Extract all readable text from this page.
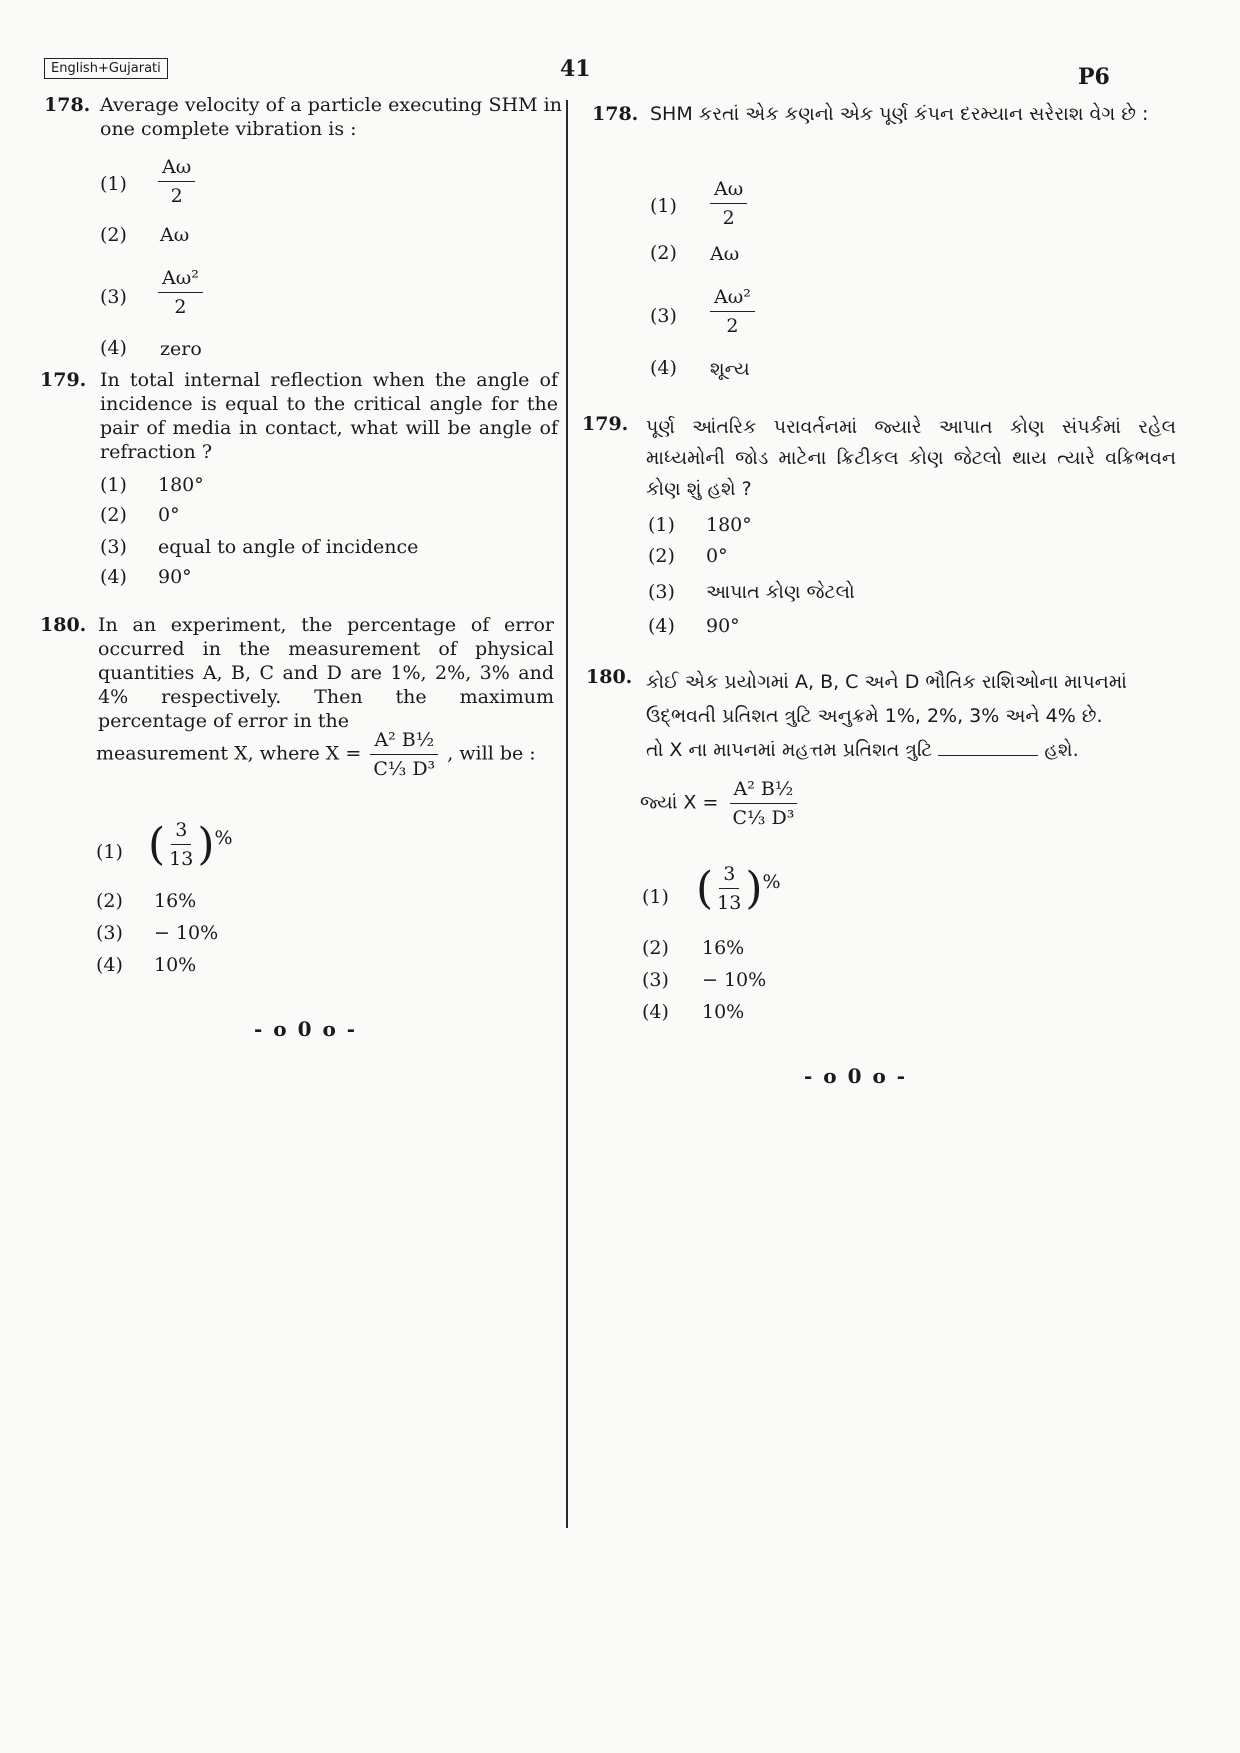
English+Gujarati	41	P6
178. Average velocity of a particle executing SHM in one complete vibration is :
$(1) \frac{A\omega}{2}$
(2) Aω
$(3) \frac{\text{Aω²}}{2}$
(4) zero
179. In total internal reflection when the angle of incidence is equal to the critical angle for the pair of media in contact, what will be angle of refraction ?
(1) 180°
(2) 0°
(3) equal to angle of incidence
(4) 90°
180. In an experiment, the percentage of error occurred in the measurement of physical quantities A, B, C and D are 1%, 2%, 3% and 4% respectively. Then the maximum percentage of error in the
measurement X, where $X = \frac{\text{A² B½}}{\text{C⅓ D³}}$ , will be :
(1) ( $\frac{3}{13}$ ) %
(2) 16%
(3) − 10%
(4) 10%
- o 0 o -
178. SHM કરતાં એક કણનો એક પૂર્ણ કંપન દરમ્યાન સરેરાશ વેગ છે :
$(1) \frac{A\omega}{2}$
(2) Aω
$(3) \frac{\text{Aω²}}{2}$
(4) શૂન્ય
179. પૂર્ણ આંતરિક પરાવર્તનમાં જ્યારે આપાત કોણ સંપર્કમાં રહેલ માધ્યમોની જોડ માટેના ક્રિટીકલ કોણ જેટલો થાય ત્યારે વક્રિભવન કોણ શું હશે ?
(1) 180°
(2) 0°
(3) આપાત કોણ જેટલો
(4) 90°
180. કોઈ એક પ્રયોગમાં A, B, C અને D ભૌતિક રાશિઓના માપનમાં
ઉદ્‌ભવતી પ્રતિશત ત્રુટિ અનુક્રમે 1%, 2%, 3% અને 4% છે.
તો X ના માપનમાં મહત્તમ પ્રતિશત ત્રુટિ	હશે.
જ્યાં $X = \frac{\text{A² B½}}{\text{C⅓ D³}}$
(1) ( $\frac{3}{13}$ ) %
(2) 16%
(3) − 10%
(4) 10%
- o 0 o -
